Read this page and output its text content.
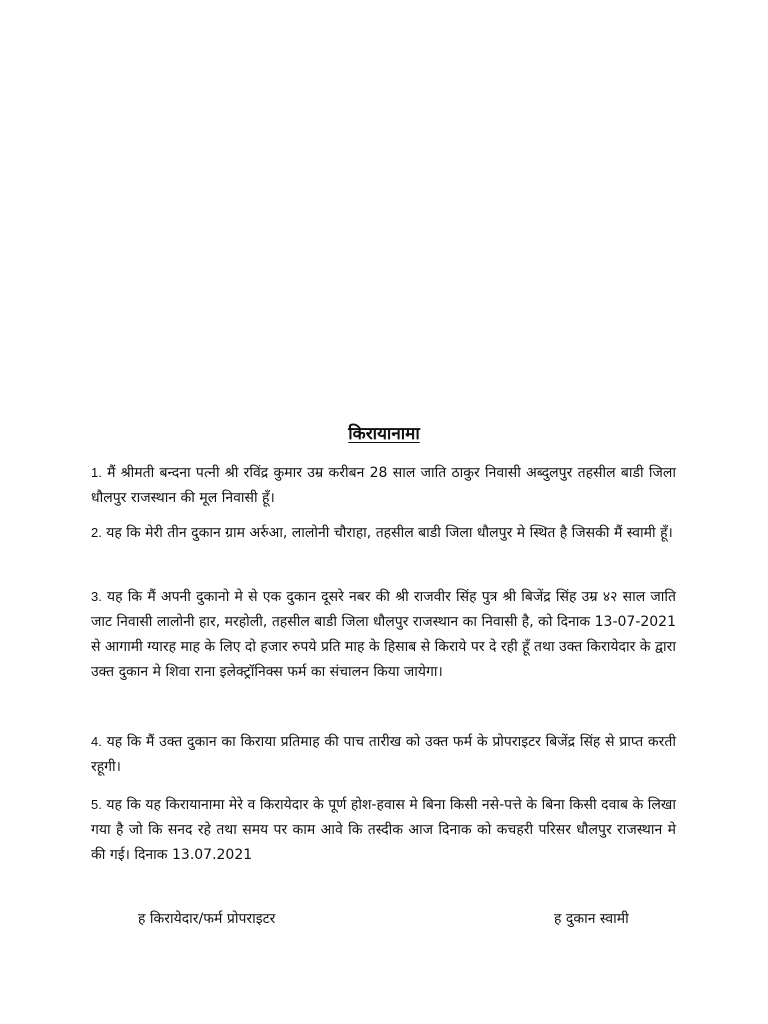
किरायानामा

1. मैं श्रीमती बन्दना पत्नी श्री रविंद्र कुमार उम्र करीबन 28 साल जाति ठाकुर निवासी अब्दुलपुर तहसील बाडी जिला धौलपुर राजस्थान की मूल निवासी हूँ।

2. यह कि मेरी तीन दुकान ग्राम अर्रुआ, लालोनी चौराहा, तहसील बाडी जिला धौलपुर मे स्थित है जिसकी मैं स्वामी हूँ।

3. यह कि मैं अपनी दुकानो मे से एक दुकान दूसरे नबर की श्री राजवीर सिंह पुत्र श्री बिजेंद्र सिंह उम्र ४२ साल जाति जाट निवासी लालोनी हार, मरहोली, तहसील बाडी जिला धौलपुर राजस्थान का निवासी है, को दिनाक 13-07-2021 से आगामी ग्यारह माह के लिए दो हजार रुपये प्रति माह के हिसाब से किराये पर दे रही हूँ तथा उक्त किरायेदार के द्वारा उक्त दुकान मे शिवा राना इलेक्ट्रॉनिक्स फर्म का संचालन किया जायेगा।

4. यह कि मैं उक्त दुकान का किराया प्रतिमाह की पाच तारीख को उक्त फर्म के प्रोपराइटर बिजेंद्र सिंह से प्राप्त करती रहूगी।

5. यह कि यह किरायानामा मेरे व किरायेदार के पूर्ण होश-हवास मे बिना किसी नसे-पत्ते के बिना किसी दवाब के लिखा गया है जो कि सनद रहे तथा समय पर काम आवे कि तस्दीक आज दिनाक को कचहरी परिसर धौलपुर राजस्थान मे की गई। दिनाक 13.07.2021

ह किरायेदार/फर्म प्रोपराइटर	ह दुकान स्वामी
